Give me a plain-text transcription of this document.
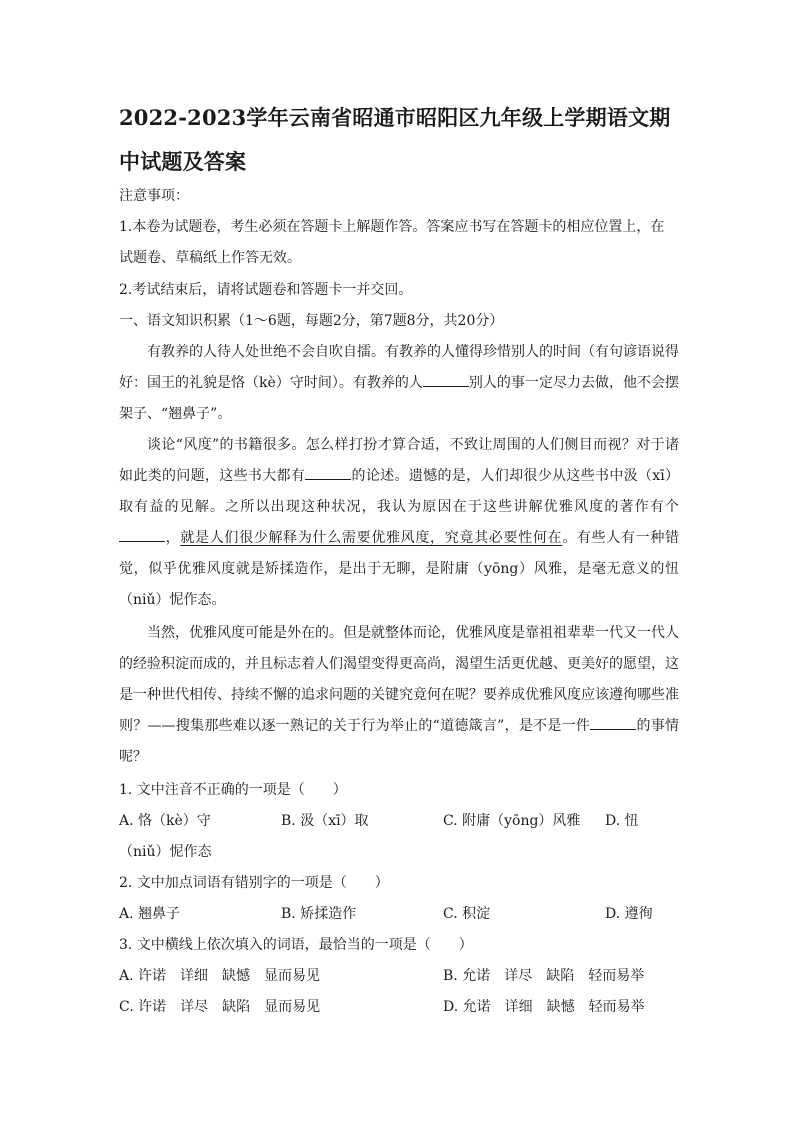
2022-2023学年云南省昭通市昭阳区九年级上学期语文期中试题及答案
注意事项：
1.本卷为试题卷，考生必须在答题卡上解题作答。答案应书写在答题卡的相应位置上，在
试题卷、草稿纸上作答无效。
2.考试结束后，请将试题卷和答题卡一并交回。
一、语文知识积累（1～6题，每题2分，第7题8分，共20分）
有教养的人待人处世绝不会自吹自擂。有教养的人懂得珍惜别人的时间（有句谚语说得好：国王的礼貌是恪（kè）守时间）。有教养的人	别人的事一定尽力去做，他不会摆架子、“翘鼻子”。
谈论“风度”的书籍很多。怎么样打扮才算合适，不致让周围的人们侧目而视？对于诸如此类的问题，这些书大都有	的论述。遗憾的是，人们却很少从这些书中汲（xī）取有益的见解。之所以出现这种状况，我认为原因在于这些讲解优雅风度的著作有个，就是人们很少解释为什么需要优雅风度，究竟其必要性何在。有些人有一种错觉，似乎优雅风度就是矫揉造作，是出于无聊，是附庸（yōng）风雅，是毫无意义的忸（niǔ）怩作态。
当然，优雅风度可能是外在的。但是就整体而论，优雅风度是靠祖祖辈辈一代又一代人的经验积淀而成的，并且标志着人们渴望变得更高尚，渴望生活更优越、更美好的愿望，这是一种世代相传、持续不懈的追求问题的关键究竟何在呢？要养成优雅风度应该遵徇哪些准则？——搜集那些难以逐一熟记的关于行为举止的“道德箴言”，是不是一件	的事情呢？
1. 文中注音不正确的一项是（　　）
A. 恪（kè）守	B. 汲（xī）取	C. 附庸（yōng）风雅 D. 忸
（niǔ）怩作态
2. 文中加点词语有错别字的一项是（　　）
A. 翘鼻子	B. 矫揉造作	C. 积淀	D. 遵徇
3. 文中横线上依次填入的词语，最恰当的一项是（　　）
A. 许诺　详细　缺憾　显而易见	B. 允诺　详尽　缺陷　轻而易举
C. 许诺　详尽　缺陷　显而易见	D. 允诺　详细　缺憾　轻而易举
